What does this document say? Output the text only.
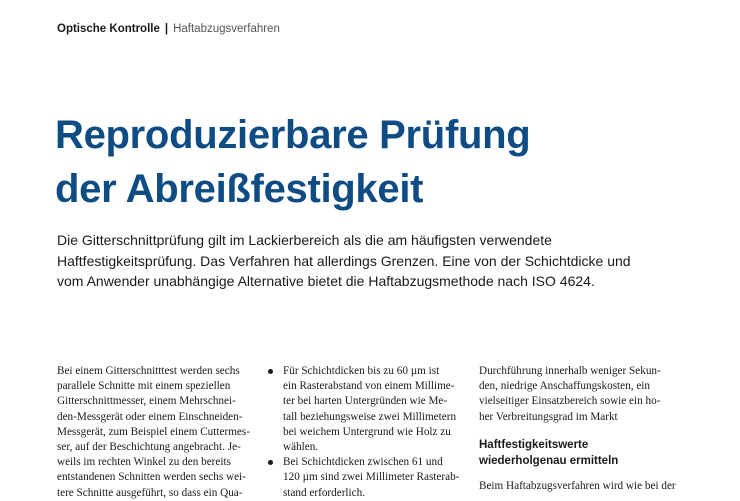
Optische Kontrolle | Haftabzugsverfahren
Reproduzierbare Prüfung
der Abreißfestigkeit

Die Gitterschnittprüfung gilt im Lackierbereich als die am häufigsten verwendete
Haftfestigkeitsprüfung. Das Verfahren hat allerdings Grenzen. Eine von der Schichtdicke und
vom Anwender unabhängige Alternative bietet die Haftabzugsmethode nach ISO 4624.

Bei einem Gitterschnitttest werden sechs
parallele Schnitte mit einem speziellen
Gitterschnittmesser, einem Mehrschnei-
den-Messgerät oder einem Einschneiden-
Messgerät, zum Beispiel einem Cuttermes-
ser, auf der Beschichtung angebracht. Je-
weils im rechten Winkel zu den bereits
entstandenen Schnitten werden sechs wei-
tere Schnitte ausgeführt, so dass ein Qua-
Für Schichtdicken bis zu 60 µm ist
ein Rasterabstand von einem Millime-
ter bei harten Untergründen wie Me-
tall beziehungsweise zwei Millimetern
bei weichem Untergrund wie Holz zu
wählen.
Bei Schichtdicken zwischen 61 und
120 µm sind zwei Millimeter Rasterab-
stand erforderlich.
Durchführung innerhalb weniger Sekun-
den, niedrige Anschaffungskosten, ein
vielseitiger Einsatzbereich sowie ein ho-
her Verbreitungsgrad im Markt
Haftfestigkeitswerte
wiederholgenau ermitteln
Beim Haftabzugsverfahren wird wie bei der
